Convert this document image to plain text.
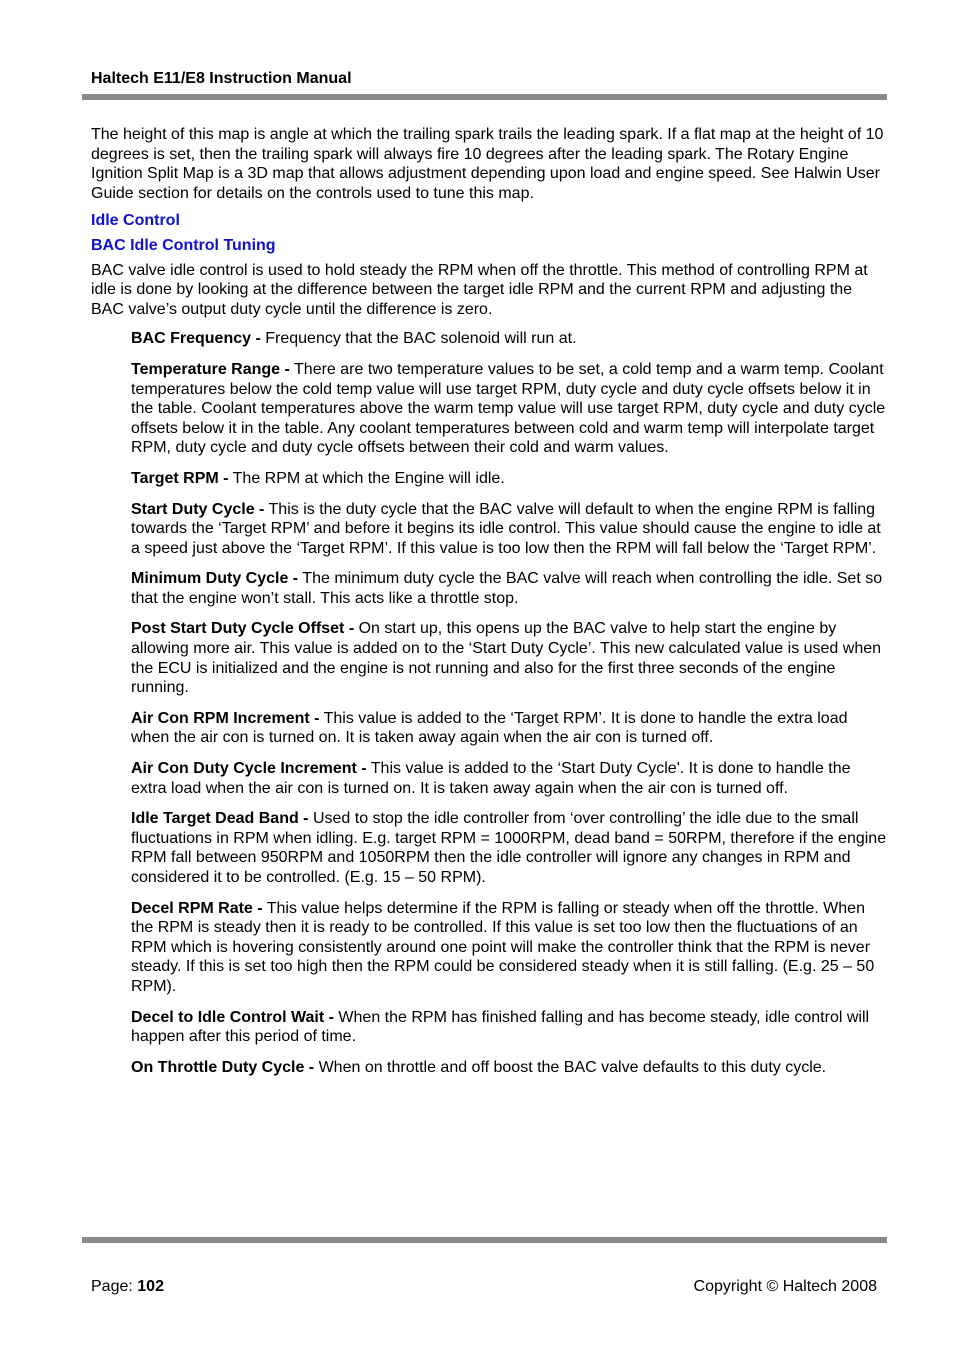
Haltech E11/E8 Instruction Manual

The height of this map is angle at which the trailing spark trails the leading spark. If a flat map at the height of 10 degrees is set, then the trailing spark will always fire 10 degrees after the leading spark. The Rotary Engine Ignition Split Map is a 3D map that allows adjustment depending upon load and engine speed. See Halwin User Guide section for details on the controls used to tune this map.

Idle Control
BAC Idle Control Tuning

BAC valve idle control is used to hold steady the RPM when off the throttle. This method of controlling RPM at idle is done by looking at the difference between the target idle RPM and the current RPM and adjusting the BAC valve’s output duty cycle until the difference is zero.

BAC Frequency - Frequency that the BAC solenoid will run at.

Temperature Range - There are two temperature values to be set, a cold temp and a warm temp. Coolant temperatures below the cold temp value will use target RPM, duty cycle and duty cycle offsets below it in the table. Coolant temperatures above the warm temp value will use target RPM, duty cycle and duty cycle offsets below it in the table. Any coolant temperatures between cold and warm temp will interpolate target RPM, duty cycle and duty cycle offsets between their cold and warm values.

Target RPM - The RPM at which the Engine will idle.

Start Duty Cycle - This is the duty cycle that the BAC valve will default to when the engine RPM is falling towards the ‘Target RPM’ and before it begins its idle control. This value should cause the engine to idle at a speed just above the ‘Target RPM’. If this value is too low then the RPM will fall below the ‘Target RPM’.

Minimum Duty Cycle - The minimum duty cycle the BAC valve will reach when controlling the idle. Set so that the engine won’t stall. This acts like a throttle stop.

Post Start Duty Cycle Offset - On start up, this opens up the BAC valve to help start the engine by allowing more air. This value is added on to the ‘Start Duty Cycle’. This new calculated value is used when the ECU is initialized and the engine is not running and also for the first three seconds of the engine running.

Air Con RPM Increment - This value is added to the ‘Target RPM’. It is done to handle the extra load when the air con is turned on. It is taken away again when the air con is turned off.

Air Con Duty Cycle Increment - This value is added to the ‘Start Duty Cycle'. It is done to handle the extra load when the air con is turned on. It is taken away again when the air con is turned off.

Idle Target Dead Band - Used to stop the idle controller from ‘over controlling’ the idle due to the small fluctuations in RPM when idling. E.g. target RPM = 1000RPM, dead band = 50RPM, therefore if the engine RPM fall between 950RPM and 1050RPM then the idle controller will ignore any changes in RPM and considered it to be controlled. (E.g. 15 – 50 RPM).

Decel RPM Rate - This value helps determine if the RPM is falling or steady when off the throttle. When the RPM is steady then it is ready to be controlled. If this value is set too low then the fluctuations of an RPM which is hovering consistently around one point will make the controller think that the RPM is never steady. If this is set too high then the RPM could be considered steady when it is still falling. (E.g. 25 – 50 RPM).

Decel to Idle Control Wait - When the RPM has finished falling and has become steady, idle control will happen after this period of time.

On Throttle Duty Cycle - When on throttle and off boost the BAC valve defaults to this duty cycle.

Page: 102	Copyright © Haltech 2008
